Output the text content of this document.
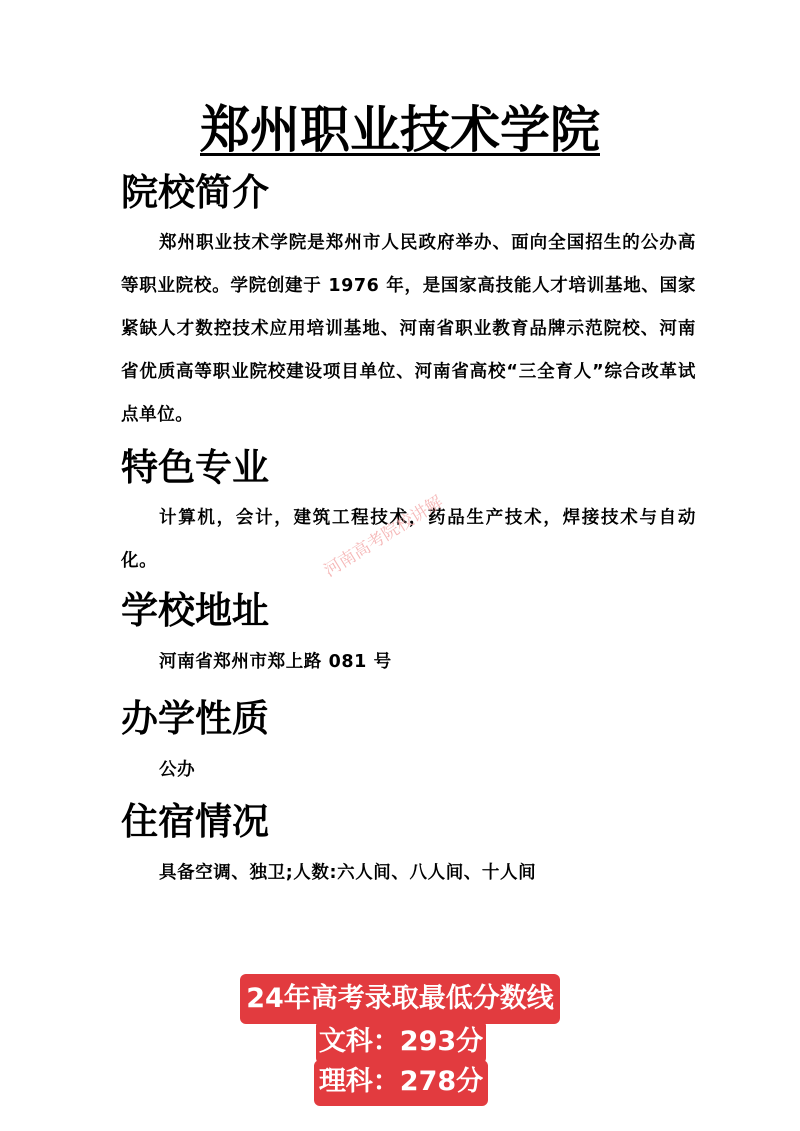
郑州职业技术学院
院校简介

郑州职业技术学院是郑州市人民政府举办、面向全国招生的公办高等职业院校。学院创建于 1976 年，是国家高技能人才培训基地、国家紧缺人才数控技术应用培训基地、河南省职业教育品牌示范院校、河南省优质高等职业院校建设项目单位、河南省高校“三全育人”综合改革试点单位。

特色专业

计算机，会计，建筑工程技术，药品生产技术，焊接技术与自动化。	河南高考院校讲解
学校地址

河南省郑州市郑上路 081 号

办学性质

公办

住宿情况

具备空调、独卫;人数:六人间、八人间、十人间

24年高考录取最低分数线
文科：293分
理科：278分
